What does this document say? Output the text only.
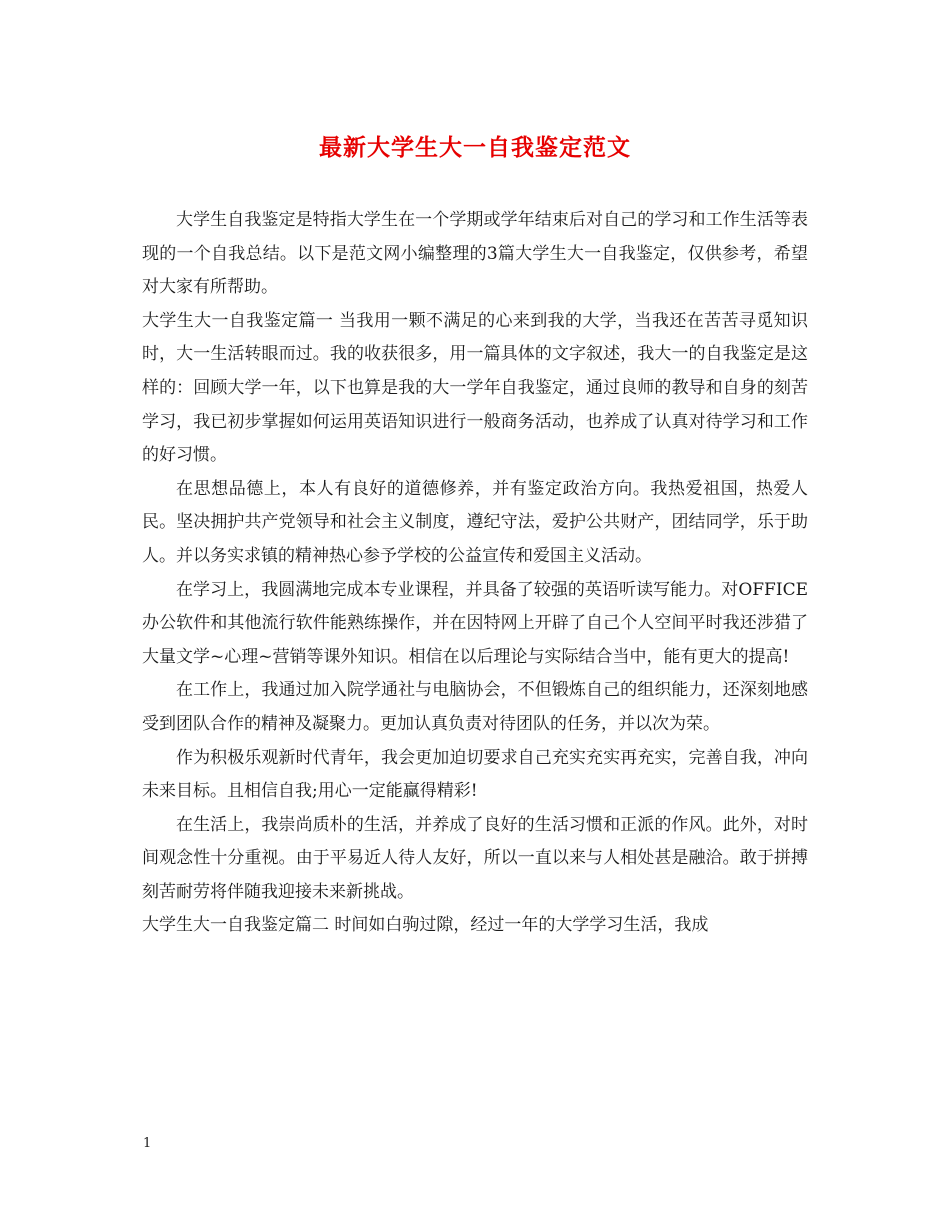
最新大学生大一自我鉴定范文

大学生自我鉴定是特指大学生在一个学期或学年结束后对自己的学习和工作生活等表现的一个自我总结。以下是范文网小编整理的3篇大学生大一自我鉴定，仅供参考，希望对大家有所帮助。

大学生大一自我鉴定篇一 当我用一颗不满足的心来到我的大学，当我还在苦苦寻觅知识时，大一生活转眼而过。我的收获很多，用一篇具体的文字叙述，我大一的自我鉴定是这样的：回顾大学一年，以下也算是我的大一学年自我鉴定，通过良师的教导和自身的刻苦学习，我已初步掌握如何运用英语知识进行一般商务活动，也养成了认真对待学习和工作的好习惯。

在思想品德上，本人有良好的道德修养，并有鉴定政治方向。我热爱祖国，热爱人民。坚决拥护共产党领导和社会主义制度，遵纪守法，爱护公共财产，团结同学，乐于助人。并以务实求镇的精神热心参予学校的公益宣传和爱国主义活动。

在学习上，我圆满地完成本专业课程，并具备了较强的英语听读写能力。对OFFICE办公软件和其他流行软件能熟练操作，并在因特网上开辟了自己个人空间平时我还涉猎了大量文学~心理~营销等课外知识。相信在以后理论与实际结合当中，能有更大的提高!

在工作上，我通过加入院学通社与电脑协会，不但锻炼自己的组织能力，还深刻地感受到团队合作的精神及凝聚力。更加认真负责对待团队的任务，并以次为荣。

作为积极乐观新时代青年，我会更加迫切要求自己充实充实再充实，完善自我，冲向未来目标。且相信自我;用心一定能赢得精彩!

在生活上，我崇尚质朴的生活，并养成了良好的生活习惯和正派的作风。此外，对时间观念性十分重视。由于平易近人待人友好，所以一直以来与人相处甚是融洽。敢于拼搏刻苦耐劳将伴随我迎接未来新挑战。

大学生大一自我鉴定篇二 时间如白驹过隙，经过一年的大学学习生活，我成

1
